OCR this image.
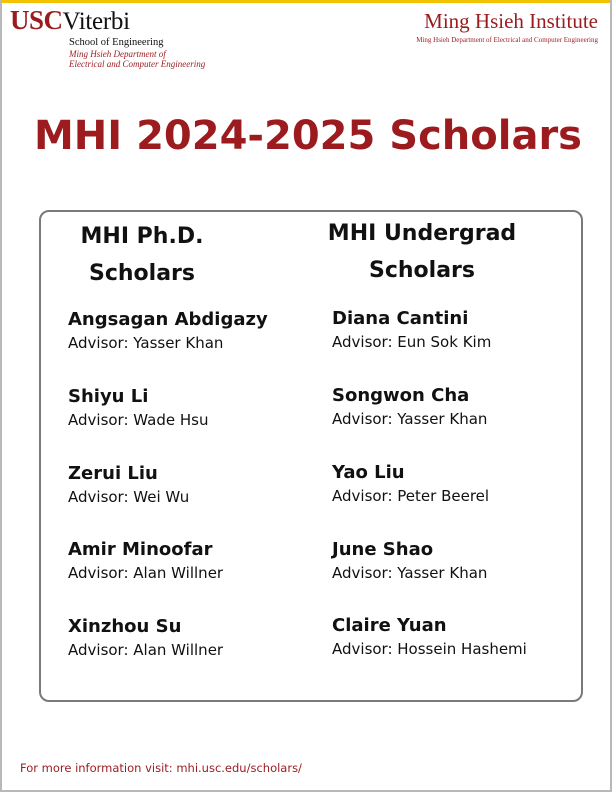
USCViterbi
School of Engineering
Ming Hsieh Department of
Electrical and Computer Engineering
Ming Hsieh Institute
Ming Hsieh Department of Electrical and Computer Engineering
MHI 2024-2025 Scholars
MHI Ph.D.
Scholars
MHI Undergrad
Scholars
Angsagan Abdigazy
Advisor: Yasser Khan
Shiyu Li
Advisor: Wade Hsu
Zerui Liu
Advisor: Wei Wu
Amir Minoofar
Advisor: Alan Willner
Xinzhou Su
Advisor: Alan Willner
Diana Cantini
Advisor: Eun Sok Kim
Songwon Cha
Advisor: Yasser Khan
Yao Liu
Advisor: Peter Beerel
June Shao
Advisor: Yasser Khan
Claire Yuan
Advisor: Hossein Hashemi
For more information visit: mhi.usc.edu/scholars/
